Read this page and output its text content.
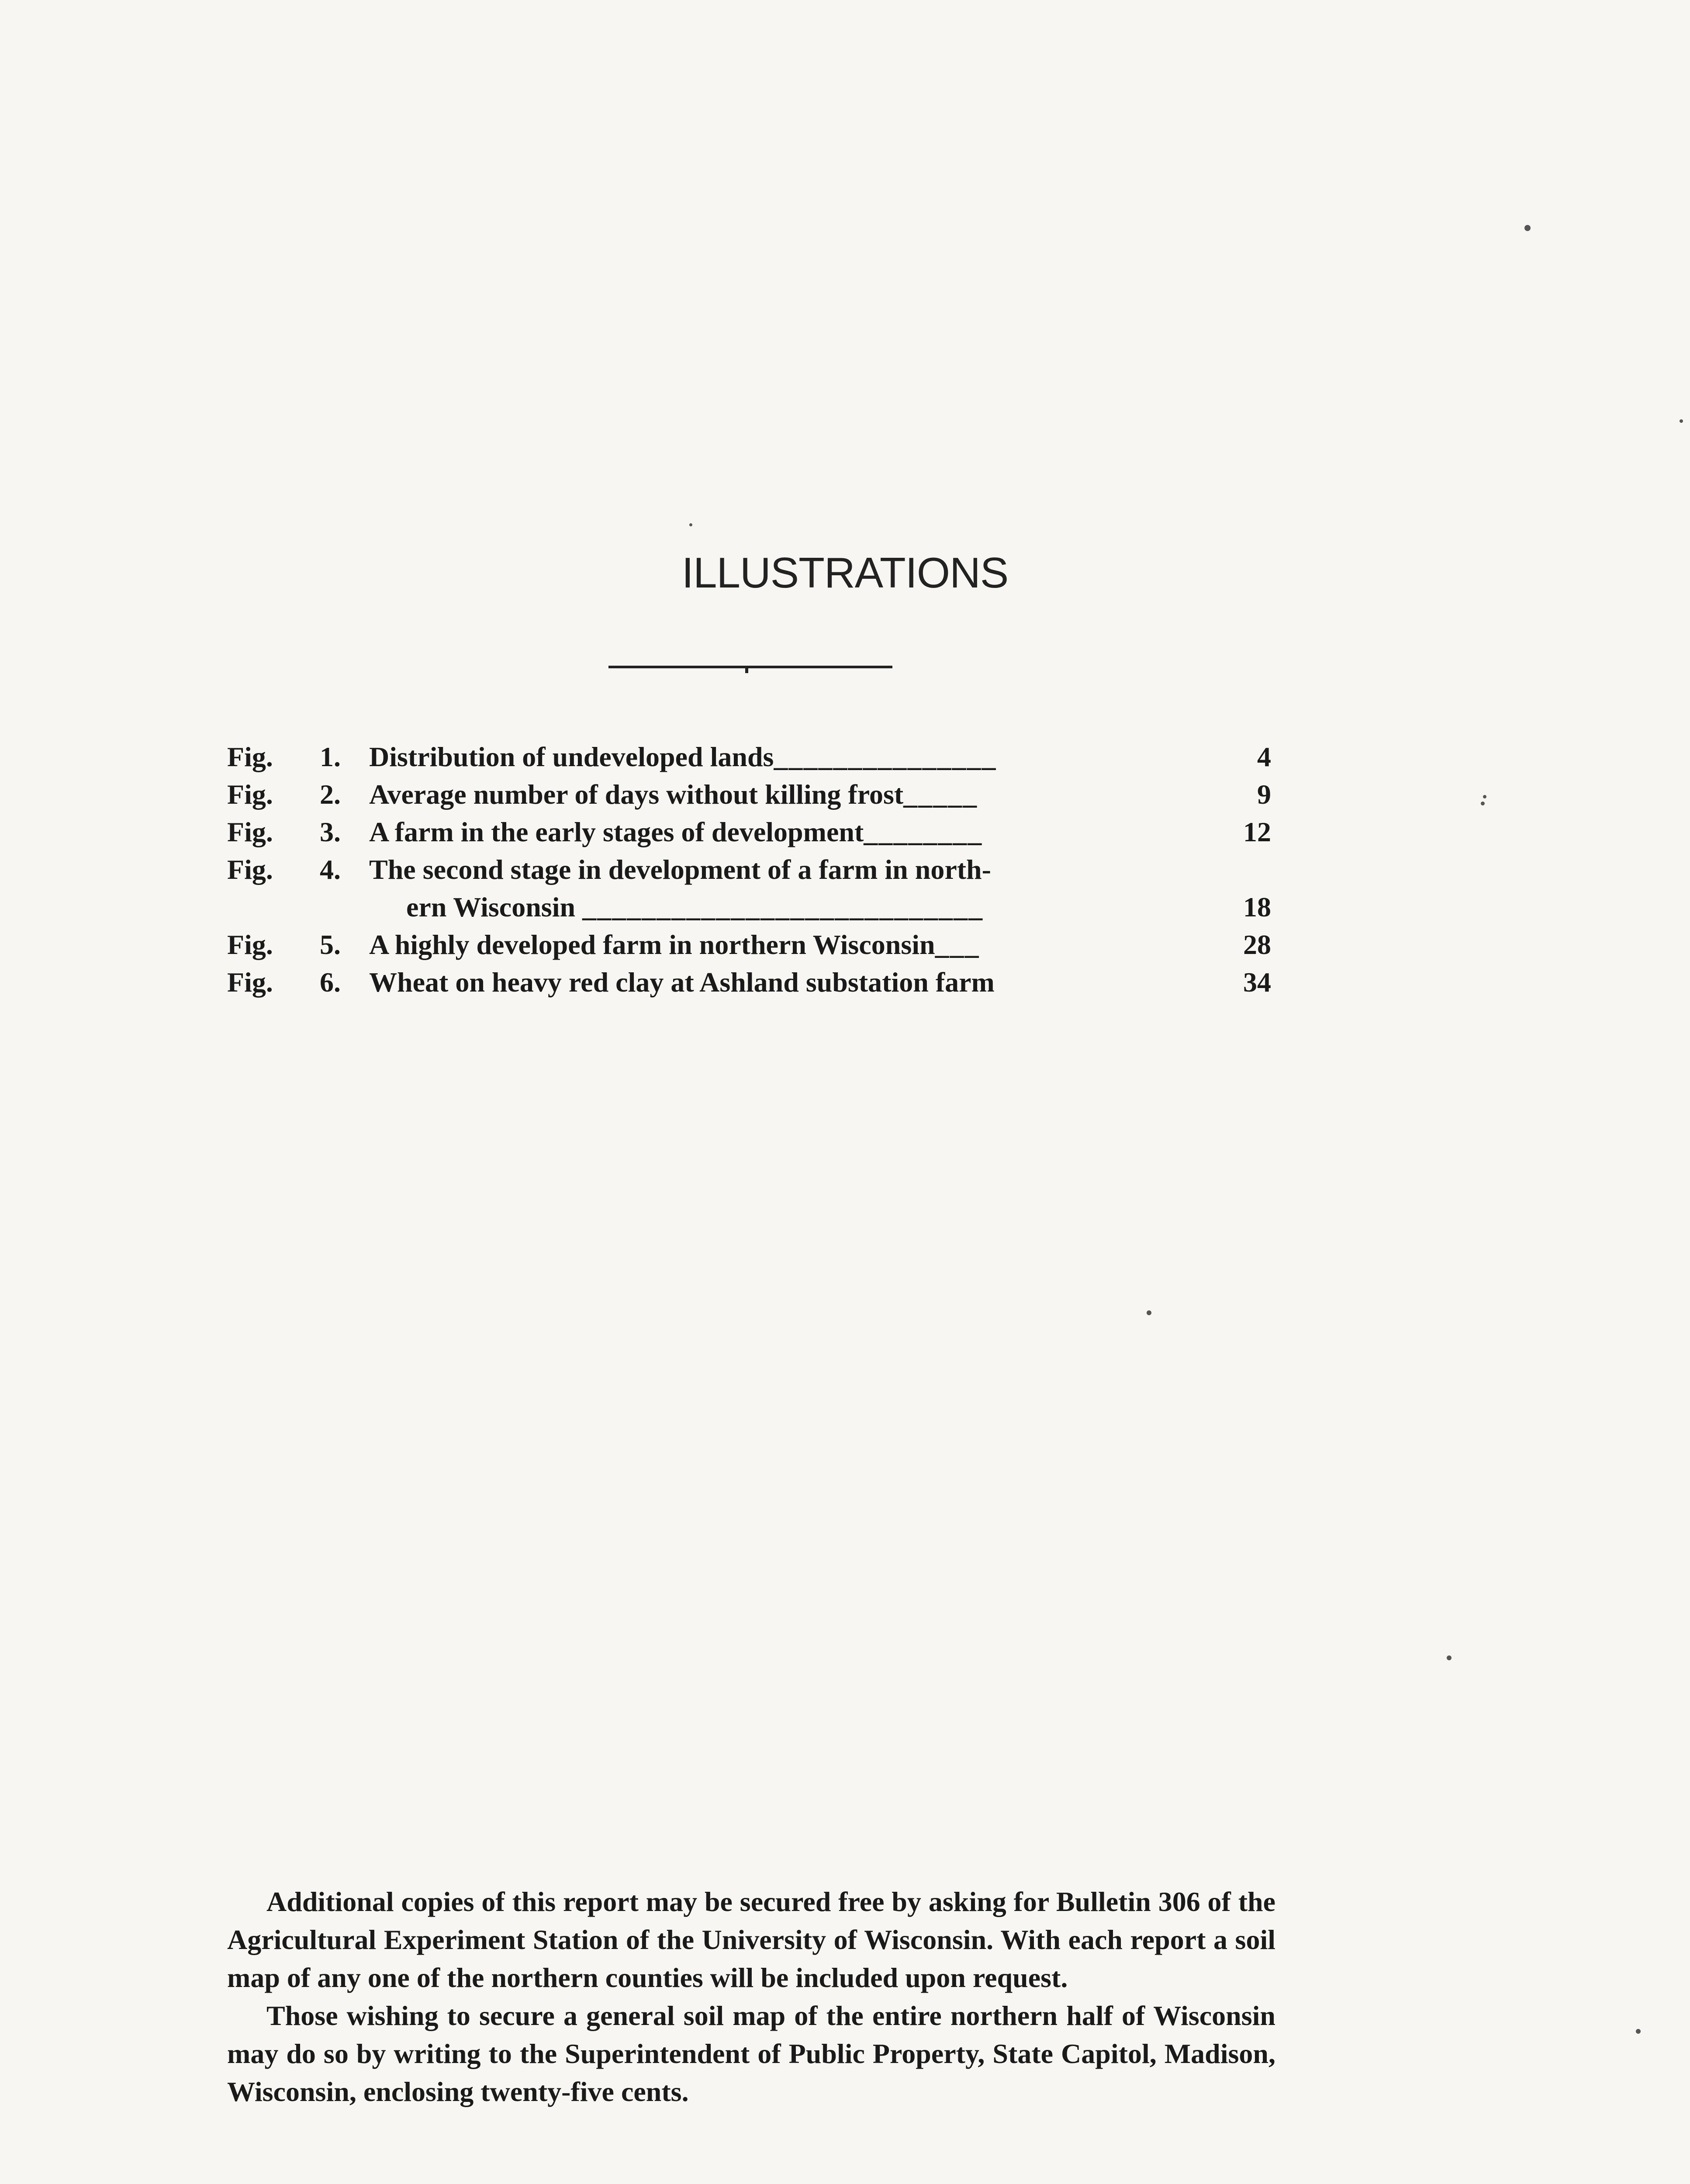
ILLUSTRATIONS
Fig.	1. Distribution of undeveloped lands_______________	4
Fig.	2. Average number of days without killing frost_____	9
Fig.	3. A farm in the early stages of development________	12
Fig.	4. The second stage in development of a farm in north-
ern Wisconsin ___________________________	18
Fig.	5. A highly developed farm in northern Wisconsin___	28
Fig.	6. Wheat on heavy red clay at Ashland substation farm	34

Additional copies of this report may be secured free by asking for Bulletin 306 of the Agricultural Experiment Station of the University of Wisconsin. With each report a soil map of any one of the northern counties will be included upon request.

Those wishing to secure a general soil map of the entire northern half of Wisconsin may do so by writing to the Superintendent of Public Property, State Capitol, Madison, Wisconsin, enclosing twenty-five cents.
